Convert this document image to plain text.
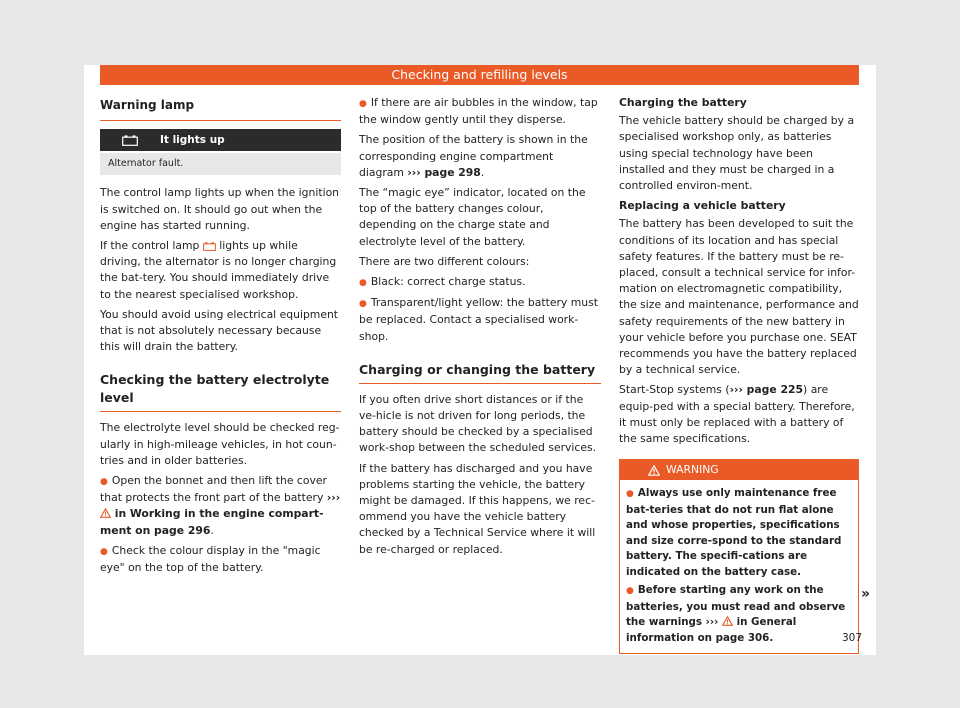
Checking and refilling levels
Warning lamp
It lights up
Alternator fault.

The control lamp lights up when the ignition is switched on. It should go out when the engine has started running.

If the control lamp lights up while driving, the alternator is no longer charging the bat-tery. You should immediately drive to the nearest specialised workshop.

You should avoid using electrical equipment that is not absolutely necessary because this will drain the battery.

Checking the battery electrolyte level

The electrolyte level should be checked reg-ularly in high-mileage vehicles, in hot coun-tries and in older batteries.

● Open the bonnet and then lift the cover that protects the front part of the battery ›››  in Working in the engine compart-ment on page 296.

● Check the colour display in the "magic eye" on the top of the battery.

● If there are air bubbles in the window, tap the window gently until they disperse.

The position of the battery is shown in the corresponding engine compartment diagram ››› page 298.

The “magic eye” indicator, located on the top of the battery changes colour, depending on the charge state and electrolyte level of the battery.

There are two different colours:

● Black: correct charge status.

● Transparent/light yellow: the battery must be replaced. Contact a specialised work-shop.

Charging or changing the battery

If you often drive short distances or if the ve-hicle is not driven for long periods, the battery should be checked by a specialised work-shop between the scheduled services.

If the battery has discharged and you have problems starting the vehicle, the battery might be damaged. If this happens, we rec-ommend you have the vehicle battery checked by a Technical Service where it will be re-charged or replaced.

Charging the battery

The vehicle battery should be charged by a specialised workshop only, as batteries using special technology have been installed and they must be charged in a controlled environ-ment.

Replacing a vehicle battery

The battery has been developed to suit the conditions of its location and has special safety features. If the battery must be re-placed, consult a technical service for infor-mation on electromagnetic compatibility, the size and maintenance, performance and safety requirements of the new battery in your vehicle before you purchase one. SEAT recommends you have the battery replaced by a technical service.

Start-Stop systems (››› page 225) are equip-ped with a special battery. Therefore, it must only be replaced with a battery of the same specifications.

WARNING

● Always use only maintenance free bat-teries that do not run flat alone and whose properties, specifications and size corre-spond to the standard battery. The specifi-cations are indicated on the battery case.

● Before starting any work on the batteries, you must read and observe the warnings ››› in General information on page 306.

»
307
